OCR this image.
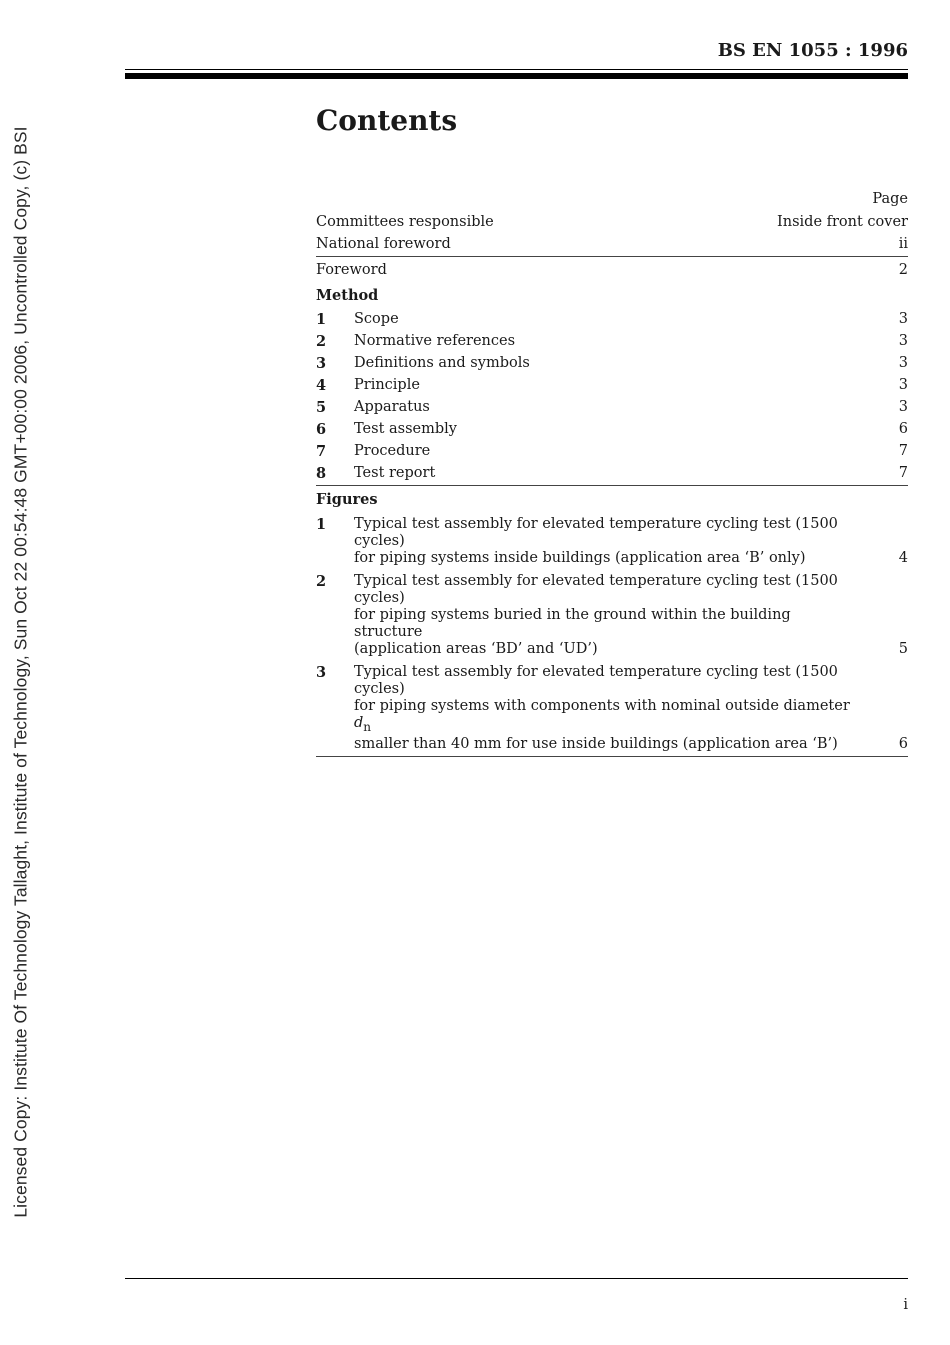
Licensed Copy: Institute Of Technology Tallaght, Institute of Technology, Sun Oct 22 00:54:48 GMT+00:00 2006, Uncontrolled Copy, (c) BSI
BS EN 1055 : 1996
Contents
Page
Committees responsible	Inside front cover
National foreword	ii
Foreword	2
Method
1	Scope	3
2	Normative references	3
3	Definitions and symbols	3
4	Principle	3
5	Apparatus	3
6	Test assembly	6
7	Procedure	7
8	Test report	7
Figures
1	Typical test assembly for elevated temperature cycling test (1500 cycles)
for piping systems inside buildings (application area ‘B’ only)	4
2	Typical test assembly for elevated temperature cycling test (1500 cycles)
for piping systems buried in the ground within the building structure
(application areas ‘BD’ and ‘UD’)	5
3	Typical test assembly for elevated temperature cycling test (1500 cycles)
for piping systems with components with nominal outside diameter $d_n$
smaller than 40 mm for use inside buildings (application area ‘B’)	6
i
